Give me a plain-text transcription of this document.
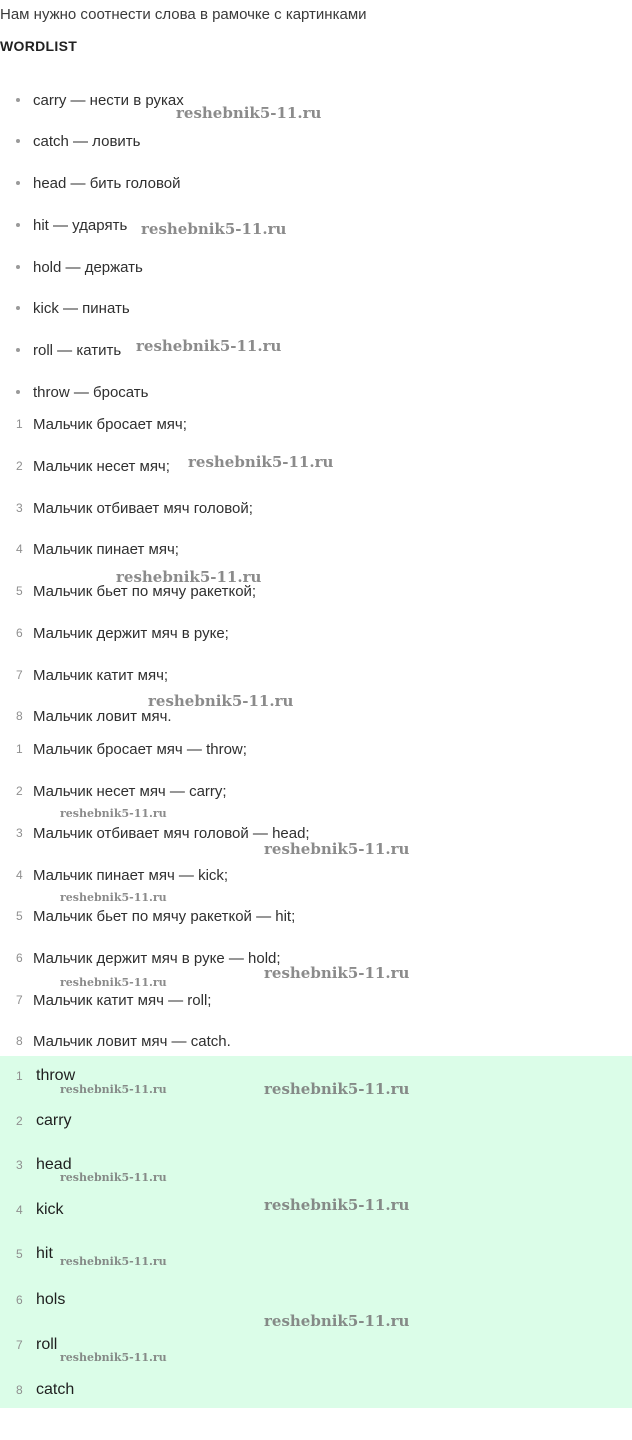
Нам нужно соотнести слова в рамочке с картинками
WORDLIST
carry — нести в руках
catch — ловить
head — бить головой
hit — ударять
hold — держать
kick — пинать
roll — катить
throw — бросать
1 Мальчик бросает мяч;
2 Мальчик несет мяч;
3 Мальчик отбивает мяч головой;
4 Мальчик пинает мяч;
5 Мальчик бьет по мячу ракеткой;
6 Мальчик держит мяч в руке;
7 Мальчик катит мяч;
8 Мальчик ловит мяч.
1 Мальчик бросает мяч — throw;
2 Мальчик несет мяч — carry;
3 Мальчик отбивает мяч головой — head;
4 Мальчик пинает мяч — kick;
5 Мальчик бьет по мячу ракеткой — hit;
6 Мальчик держит мяч в руке — hold;
7 Мальчик катит мяч — roll;
8 Мальчик ловит мяч — catch.
1 throw
2 carry
3 head
4 kick
5 hit
6 hols
7 roll
8 catch
reshebnik5-11.ru
reshebnik5-11.ru
reshebnik5-11.ru
reshebnik5-11.ru
reshebnik5-11.ru
reshebnik5-11.ru
reshebnik5-11.ru
reshebnik5-11.ru
reshebnik5-11.ru
reshebnik5-11.ru
reshebnik5-11.ru
reshebnik5-11.ru
reshebnik5-11.ru
reshebnik5-11.ru
reshebnik5-11.ru
reshebnik5-11.ru
reshebnik5-11.ru
reshebnik5-11.ru
